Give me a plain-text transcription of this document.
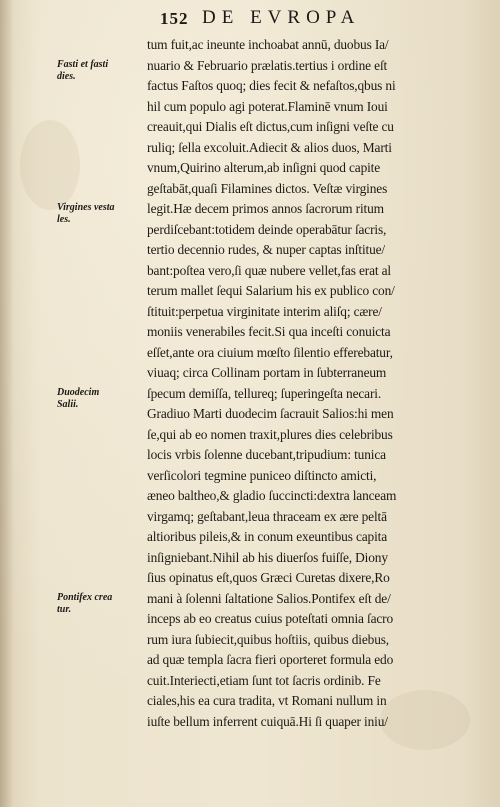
152 DE EVROPA
Fasti et fasti
dies.
Virgines vesta
les.
Duodecim
Salii.
Pontifex crea
tur.
tum fuit,ac ineunte inchoabat annū, duobus Ia/
nuario & Februario prælatis.tertius i ordine eſt
factus Faſtos quoq; dies fecit & nefaſtos,qbus ni
hil cum populo agi poterat.Flaminē vnum Ioui
creauit,qui Dialis eſt dictus,cum inſigni veſte cu
ruliq; ſella excoluit.Adiecit & alios duos, Marti
vnum,Quirino alterum,ab inſigni quod capite
geſtabāt,quaſi Filamines dictos. Veſtæ virgines
legit.Hæ decem primos annos ſacrorum ritum
perdiſcebant:totidem deinde operabātur ſacris,
tertio decennio rudes, & nuper captas inſtitue/
bant:poſtea vero,ſi quæ nubere vellet,fas erat al
terum mallet ſequi Salarium his ex publico con/
ſtituit:perpetua virginitate interim aliſq; cære/
moniis venerabiles fecit.Si qua inceſti conuicta
eſſet,ante ora ciuium mœſto ſilentio efferebatur,
viuaq; circa Collinam portam in ſubterraneum
ſpecum demiſſa, tellureq; ſuperingeſta necari.
Gradiuo Marti duodecim ſacrauit Salios:hi men
ſe,qui ab eo nomen traxit,plures dies celebribus
locis vrbis ſolenne ducebant,tripudium: tunica
verſicolori tegmine puniceo diſtincto amicti,
æneo baltheo,& gladio ſuccincti:dextra lanceam
virgamq; geſtabant,leua thraceam ex ære peltā
altioribus pileis,& in conum exeuntibus capita
inſigniebant.Nihil ab his diuerſos fuiſſe, Diony
ſius opinatus eſt,quos Græci Curetas dixere,Ro
mani à ſolenni ſaltatione Salios.Pontifex eſt de/
inceps ab eo creatus cuius poteſtati omnia ſacro
rum iura ſubiecit,quibus hoſtiis, quibus diebus,
ad quæ templa ſacra fieri oporteret formula edo
cuit.Interiecti,etiam ſunt tot ſacris ordinib. Fe
ciales,his ea cura tradita, vt Romani nullum in
iuſte bellum inferrent cuiquā.Hi ſi quaper iniu/
